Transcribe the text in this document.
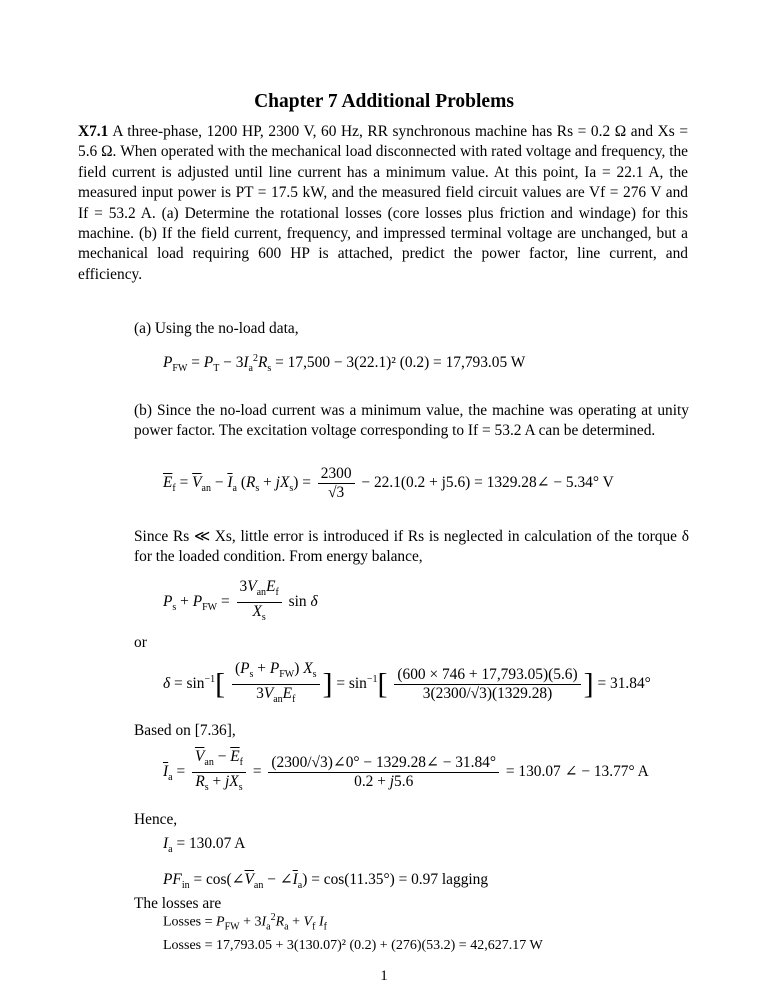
Chapter 7 Additional Problems
X7.1 A three-phase, 1200 HP, 2300 V, 60 Hz, RR synchronous machine has Rs = 0.2 Ω and Xs = 5.6 Ω. When operated with the mechanical load disconnected with rated voltage and frequency, the field current is adjusted until line current has a minimum value. At this point, Ia = 22.1 A, the measured input power is PT = 17.5 kW, and the measured field circuit values are Vf = 276 V and If = 53.2 A. (a) Determine the rotational losses (core losses plus friction and windage) for this machine. (b) If the field current, frequency, and impressed terminal voltage are unchanged, but a mechanical load requiring 600 HP is attached, predict the power factor, line current, and efficiency.
(a) Using the no-load data,
$P_{FW} = P_T - 3I_a^2R_s = 17,500 - 3(22.1)^2$ (0.2) = 17,793.05 W
(b) Since the no-load current was a minimum value, the machine was operating at unity power factor. The excitation voltage corresponding to If = 53.2 A can be determined.
$\overline{E}_f = \overline{V}_{an} - \overline{I}_a$ $(R_s + jX_s) = \frac{2300}{√3} - 22.1(0.2 + j5.6)$ = 1329.28∠ − 5.34° V
Since Rs ≪ Xs, little error is introduced if Rs is neglected in calculation of the torque δ for the loaded condition. From energy balance,
$P_s + P_{FW} = \frac{3V_{an}E_f}{X_s}$ sin δ
or
$\delta = \sin^{-1}[ \frac{(P_s + P_{FW}) X_s}{3V_{an}E_f}$ ] = $\sin^{-1}[ \frac{(600 \times 746 + 17,793.05)(5.6)}{3(2300/√3)(1329.28)}$ ] = 31.84°
Based on [7.36],
$\overline{I}_a = \frac{\overline{V}_{an} - \overline{E}_f}{R_s + jX_s} = \frac{(2300/√3)\angle 0^\circ - 1329.28\angle - 31.84^\circ}{0.2 + j5.6} = 130.07$ ∠ − 13.77° A
Hence,
$I_a = 130.07$ A
$PF_{in}$ = $\cos(\angle\overline{V}_{an}$ − $\angle\overline{I}_a) = \cos(11.35^\circ) = 0.97$ lagging
The losses are
Losses = $P_{FW} + 3I_a^2R_a + V_f$ $I_f$
Losses = 17,793.05 + 3(130.07)² (0.2) + (276)(53.2) = 42,627.17 W
1
